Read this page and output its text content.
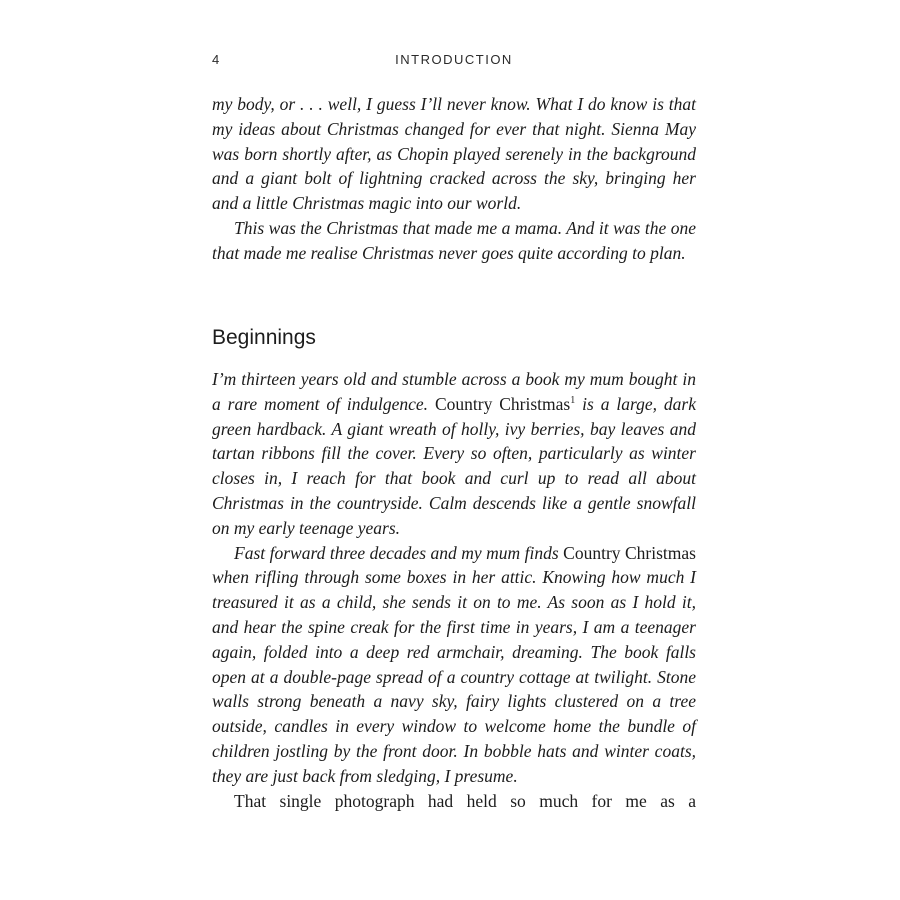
4	INTRODUCTION

my body, or . . . well, I guess I’ll never know. What I do know is that my ideas about Christmas changed for ever that night. Sienna May was born shortly after, as Chopin played serenely in the background and a giant bolt of lightning cracked across the sky, bringing her and a little Christmas magic into our world.

This was the Christmas that made me a mama. And it was the one that made me realise Christmas never goes quite according to plan.

Beginnings

I’m thirteen years old and stumble across a book my mum bought in a rare moment of indulgence. Country Christmas$^1$ is a large, dark green hardback. A giant wreath of holly, ivy berries, bay leaves and tartan ribbons fill the cover. Every so often, particularly as winter closes in, I reach for that book and curl up to read all about Christmas in the countryside. Calm descends like a gentle snowfall on my early teenage years.

Fast forward three decades and my mum finds Country Christmas when rifling through some boxes in her attic. Knowing how much I treasured it as a child, she sends it on to me. As soon as I hold it, and hear the spine creak for the first time in years, I am a teenager again, folded into a deep red armchair, dreaming. The book falls open at a double-page spread of a country cottage at twilight. Stone walls strong beneath a navy sky, fairy lights clustered on a tree outside, candles in every window to welcome home the bundle of children jostling by the front door. In bobble hats and winter coats, they are just back from sledging, I presume.

That single photograph had held so much for me as a
